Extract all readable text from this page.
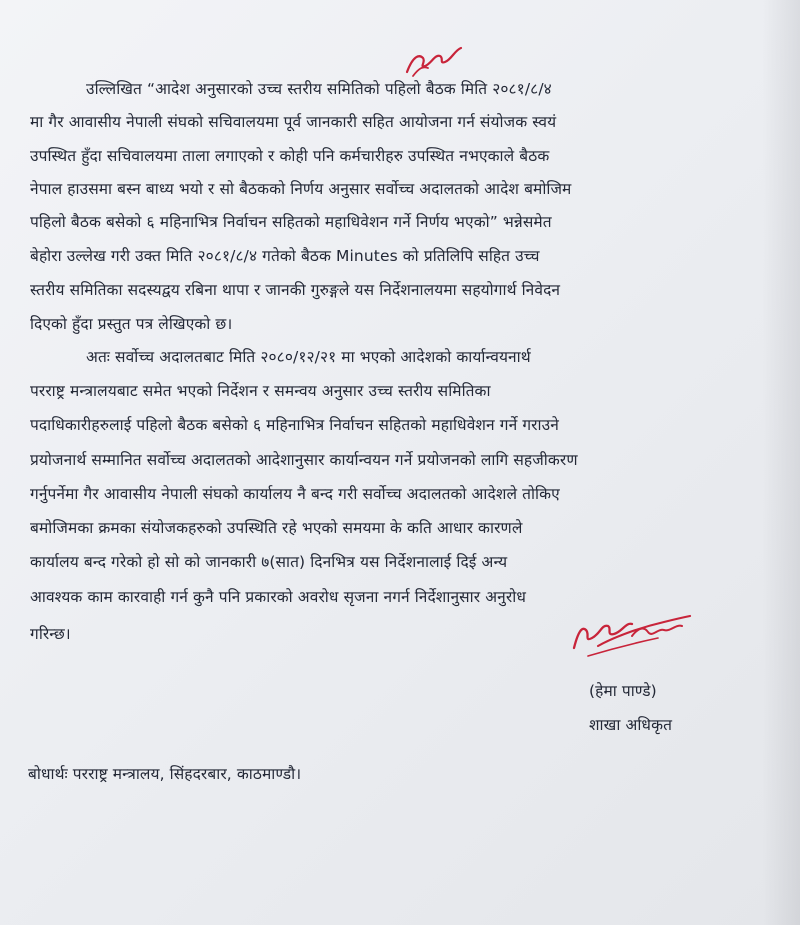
उल्लिखित “आदेश अनुसारको उच्च स्तरीय समितिको पहिलो बैठक मिति २०८१/८/४
मा गैर आवासीय नेपाली संघको सचिवालयमा पूर्व जानकारी सहित आयोजना गर्न संयोजक स्वयं
उपस्थित हुँदा सचिवालयमा ताला लगाएको र कोही पनि कर्मचारीहरु उपस्थित नभएकाले बैठक
नेपाल हाउसमा बस्न बाध्य भयो र सो बैठकको निर्णय अनुसार सर्वोच्च अदालतको आदेश बमोजिम
पहिलो बैठक बसेको ६ महिनाभित्र निर्वाचन सहितको महाधिवेशन गर्ने निर्णय भएको” भन्नेसमेत
बेहोरा उल्लेख गरी उक्त मिति २०८१/८/४ गतेको बैठक Minutes को प्रतिलिपि सहित उच्च
स्तरीय समितिका सदस्यद्वय रबिना थापा र जानकी गुरुङ्गले यस निर्देशनालयमा सहयोगार्थ निवेदन
दिएको हुँदा प्रस्तुत पत्र लेखिएको छ।
अतः सर्वोच्च अदालतबाट मिति २०८०/१२/२१ मा भएको आदेशको कार्यान्वयनार्थ
परराष्ट्र मन्त्रालयबाट समेत भएको निर्देशन र समन्वय अनुसार उच्च स्तरीय समितिका
पदाधिकारीहरुलाई पहिलो बैठक बसेको ६ महिनाभित्र निर्वाचन सहितको महाधिवेशन गर्ने गराउने
प्रयोजनार्थ सम्मानित सर्वोच्च अदालतको आदेशानुसार कार्यान्वयन गर्ने प्रयोजनको लागि सहजीकरण
गर्नुपर्नेमा गैर आवासीय नेपाली संघको कार्यालय नै बन्द गरी सर्वोच्च अदालतको आदेशले तोकिए
बमोजिमका क्रमका संयोजकहरुको उपस्थिति रहे भएको समयमा के कति आधार कारणले
कार्यालय बन्द गरेको हो सो को जानकारी ७(सात) दिनभित्र यस निर्देशनालाई दिई अन्य
आवश्यक काम कारवाही गर्न कुनै पनि प्रकारको अवरोध सृजना नगर्न निर्देशानुसार अनुरोध
गरिन्छ।
(हेमा पाण्डे)
शाखा अधिकृत
बोधार्थः परराष्ट्र मन्त्रालय, सिंहदरबार, काठमाण्डौ।
